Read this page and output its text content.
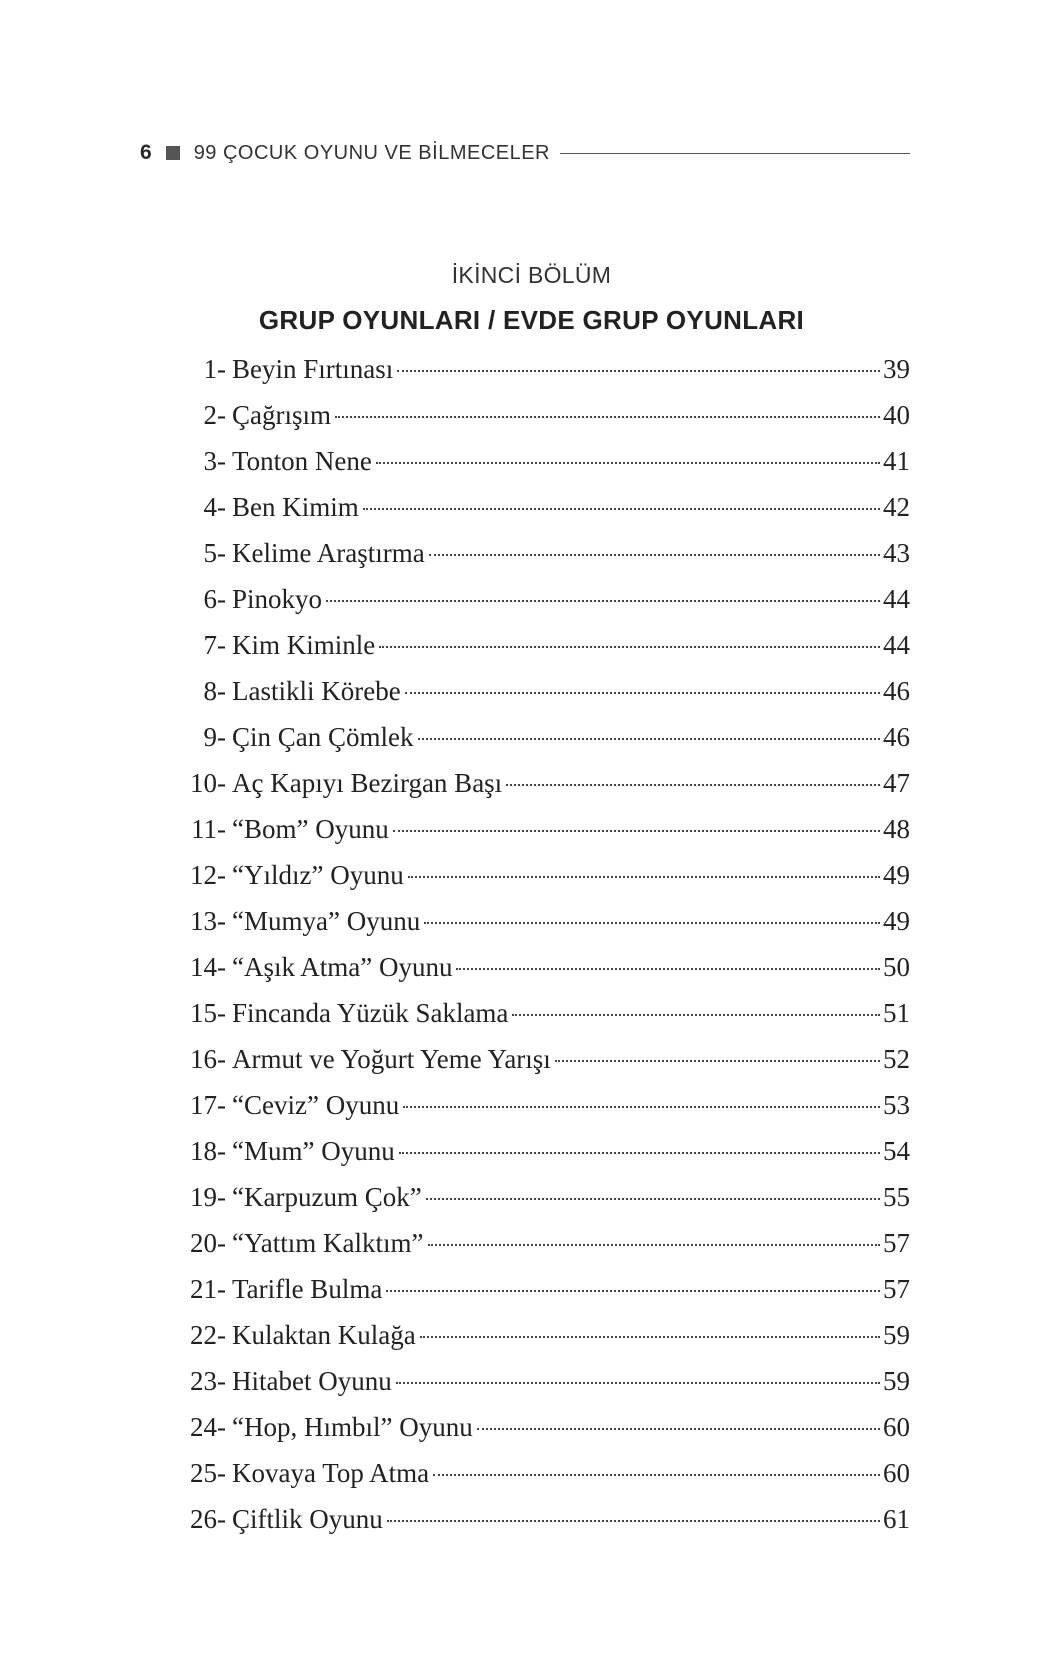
6 99 ÇOCUK OYUNU VE BİLMECELER
İKİNCİ BÖLÜM
GRUP OYUNLARI / EVDE GRUP OYUNLARI
1- Beyin Fırtınası	39
2- Çağrışım	40
3- Tonton Nene	41
4- Ben Kimim	42
5- Kelime Araştırma	43
6- Pinokyo	44
7- Kim Kiminle	44
8- Lastikli Körebe	46
9- Çin Çan Çömlek	46
10- Aç Kapıyı Bezirgan Başı	47
11- “Bom” Oyunu	48
12- “Yıldız” Oyunu	49
13- “Mumya” Oyunu	49
14- “Aşık Atma” Oyunu	50
15- Fincanda Yüzük Saklama	51
16- Armut ve Yoğurt Yeme Yarışı	52
17- “Ceviz” Oyunu	53
18- “Mum” Oyunu	54
19- “Karpuzum Çok”	55
20- “Yattım Kalktım”	57
21- Tarifle Bulma	57
22- Kulaktan Kulağa	59
23- Hitabet Oyunu	59
24- “Hop, Hımbıl” Oyunu	60
25- Kovaya Top Atma	60
26- Çiftlik Oyunu	61
